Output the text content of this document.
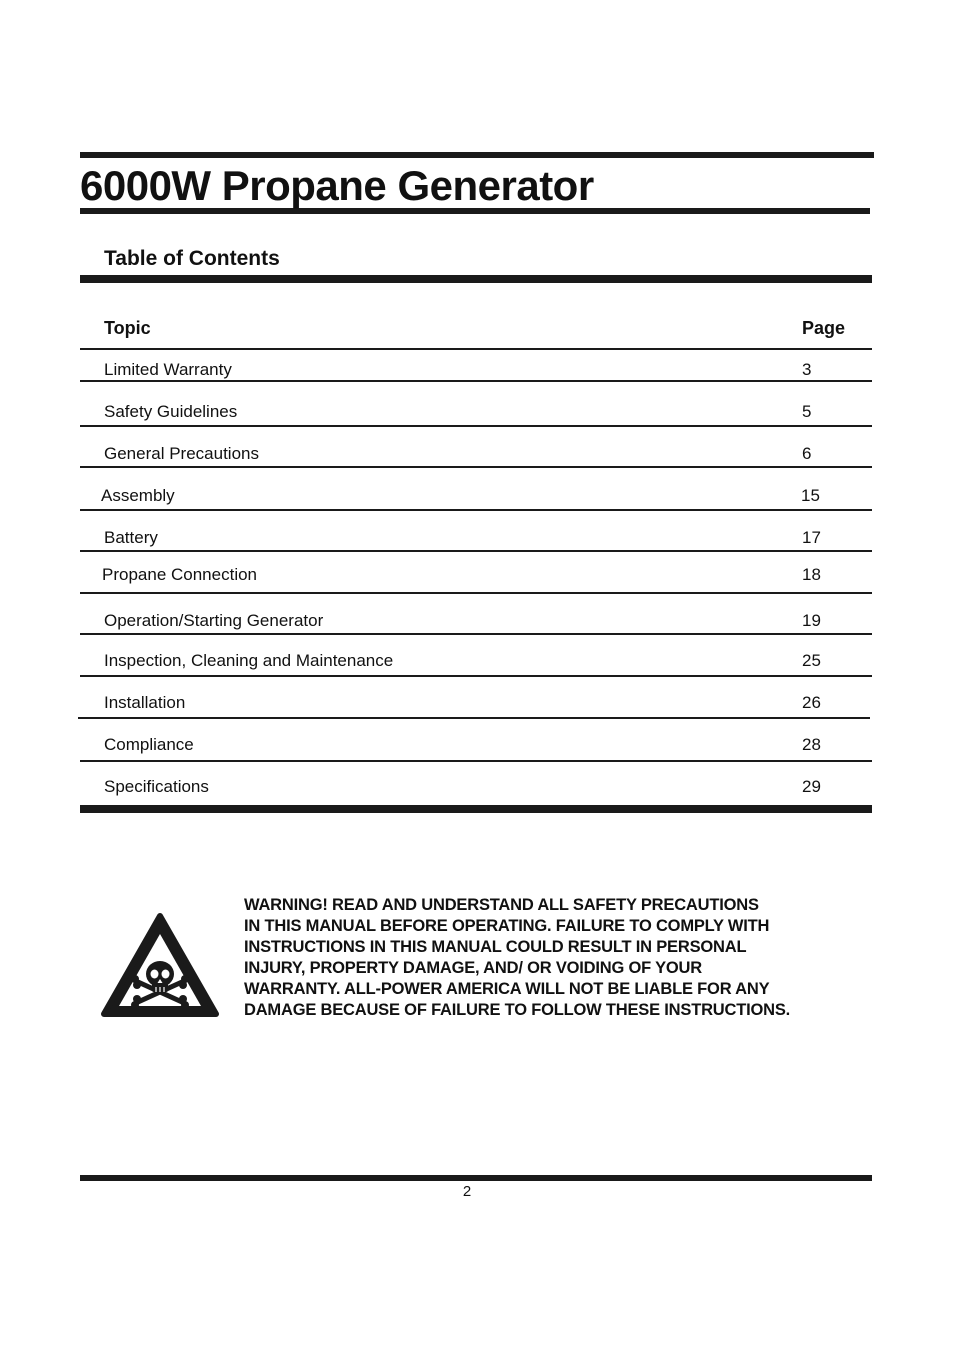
6000W Propane Generator
Table of Contents
Topic	Page
Limited Warranty	3
Safety Guidelines	5
General Precautions	6
Assembly	15
Battery	17
Propane Connection	18
Operation/Starting Generator	19
Inspection, Cleaning and Maintenance	25
Installation	26
Compliance	28
Specifications	29
WARNING! READ AND UNDERSTAND ALL SAFETY PRECAUTIONS
IN THIS MANUAL BEFORE OPERATING. FAILURE TO COMPLY WITH
INSTRUCTIONS IN THIS MANUAL COULD RESULT IN PERSONAL
INJURY, PROPERTY DAMAGE, AND/ OR VOIDING OF YOUR
WARRANTY. ALL-POWER AMERICA WILL NOT BE LIABLE FOR ANY
DAMAGE BECAUSE OF FAILURE TO FOLLOW THESE INSTRUCTIONS.
2
